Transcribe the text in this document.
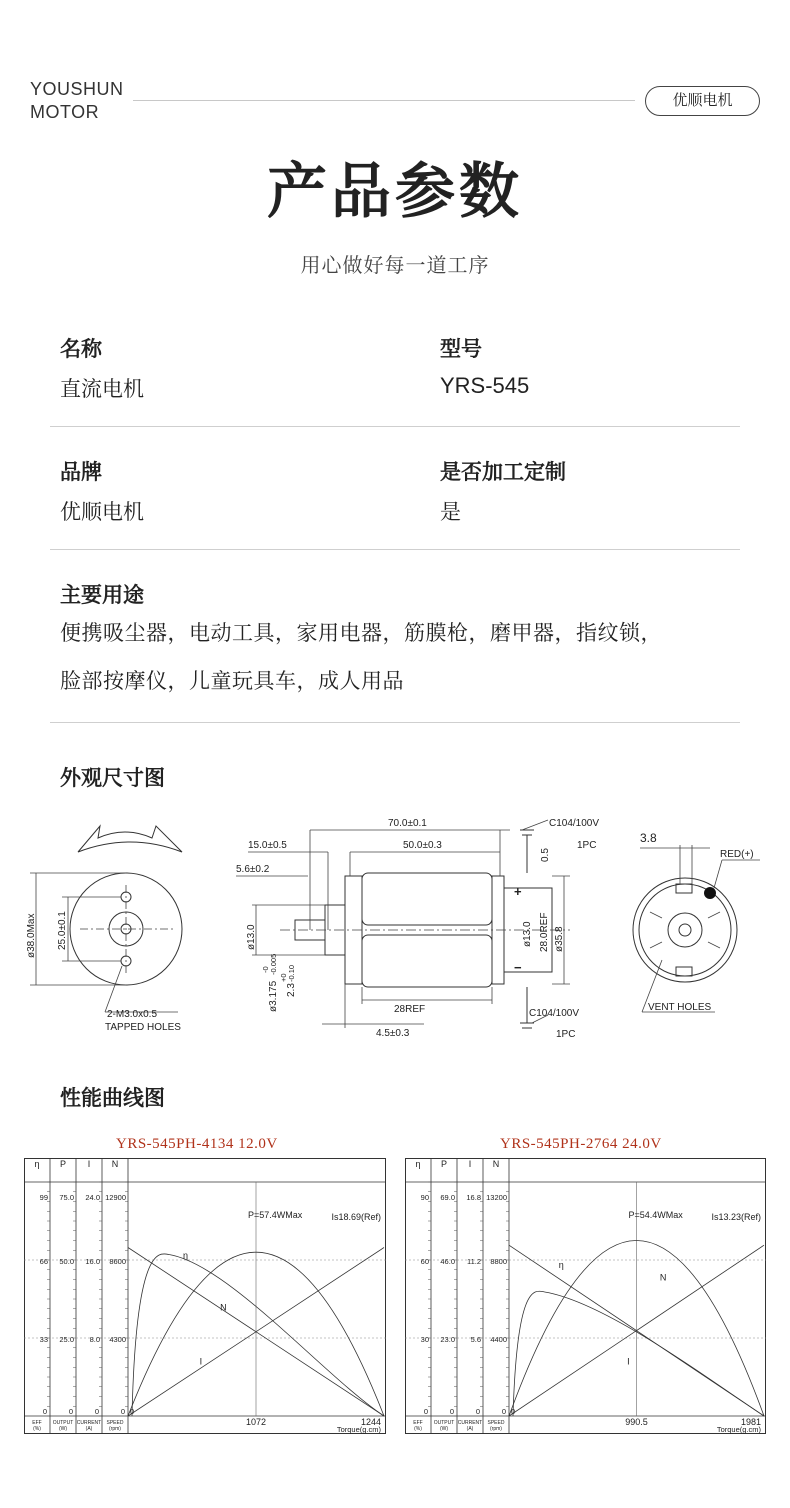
YOUSHUN
MOTOR
优顺电机
产品参数
用心做好每一道工序
名称
直流电机
型号
YRS-545
品牌
优顺电机
是否加工定制
是
主要用途
便携吸尘器，电动工具，家用电器，筋膜枪，磨甲器，指纹锁，
脸部按摩仪，儿童玩具车，成人用品
外观尺寸图
ø38.0Max 25.0±0.1
2-M3.0x0.5
TAPPED HOLES
70.0±0.1
15.0±0.5	50.0±0.3
5.6±0.2
ø13.0
ø3.175
-0 -0.005
2.3
+0 -0.10
28REF
4.5±0.3
C104/100V
1PC
0.5
C104/100V
1PC
+
−
ø13.0 28.0REF ø35.8
3.8
RED(+)
VENT HOLES
性能曲线图
YRS-545PH-4134 12.0V	YRS-545PH-2764 24.0V
η P I N
99 75.0 24.0 12900
66 50.0 16.0 8600
33 25.0 8.0 4300
0	0	0	0
EFF
(%)
OUTPUT
(W)
CURRENT
(A)
SPEED
(rpm)
1072	1244
Torque(g.cm)
0
P=57.4WMax	Is18.69(Ref)
η
N
I
η P I N
90 69.0 16.8 13200
60 46.0 11.2 8800
30 23.0 5.6 4400
0	0	0	0
EFF
(%)
OUTPUT
(W)
CURRENT
(A)
SPEED
(rpm)
990.5	1981
Torque(g.cm)
0
P=54.4WMax	Is13.23(Ref)
η
N
I
